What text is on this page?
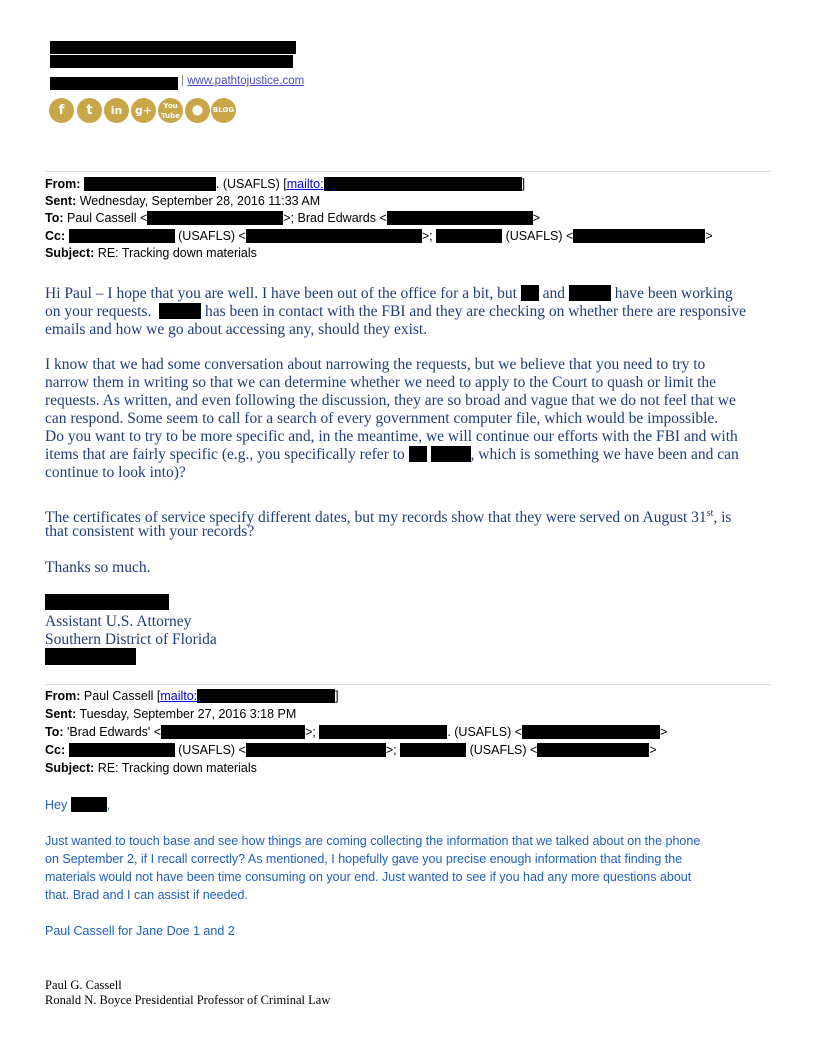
| www.pathtojustice.com
f	t	in	g+	You Tube	⬤	BLOG
From:	. (USAFLS) [mailto:	]
Sent: Wednesday, September 28, 2016 11:33 AM
To: Paul Cassell <	>; Brad Edwards <	>
Cc:	(USAFLS) <	>;	(USAFLS) <	>
Subject: RE: Tracking down materials
Hi Paul – I hope that you are well. I have been out of the office for a bit, but and	have been working
on your requests.	has been in contact with the FBI and they are checking on whether there are responsive
emails and how we go about accessing any, should they exist.
I know that we had some conversation about narrowing the requests, but we believe that you need to try to
narrow them in writing so that we can determine whether we need to apply to the Court to quash or limit the
requests. As written, and even following the discussion, they are so broad and vague that we do not feel that we
can respond. Some seem to call for a search of every government computer file, which would be impossible.
Do you want to try to be more specific and, in the meantime, we will continue our efforts with the FBI and with
items that are fairly specific (e.g., you specifically refer to	, which is something we have been and can
continue to look into)?
The certificates of service specify different dates, but my records show that they were served on August 31st, is
that consistent with your records?
Thanks so much.
Assistant U.S. Attorney
Southern District of Florida
From: Paul Cassell [mailto:	]
Sent: Tuesday, September 27, 2016 3:18 PM
To: 'Brad Edwards' <	>;	. (USAFLS) <	>
Cc:	(USAFLS) <	>;	(USAFLS) <	>
Subject: RE: Tracking down materials
Hey	,
Just wanted to touch base and see how things are coming collecting the information that we talked about on the phone
on September 2, if I recall correctly? As mentioned, I hopefully gave you precise enough information that finding the
materials would not have been time consuming on your end. Just wanted to see if you had any more questions about
that. Brad and I can assist if needed.
Paul Cassell for Jane Doe 1 and 2
Paul G. Cassell
Ronald N. Boyce Presidential Professor of Criminal Law
